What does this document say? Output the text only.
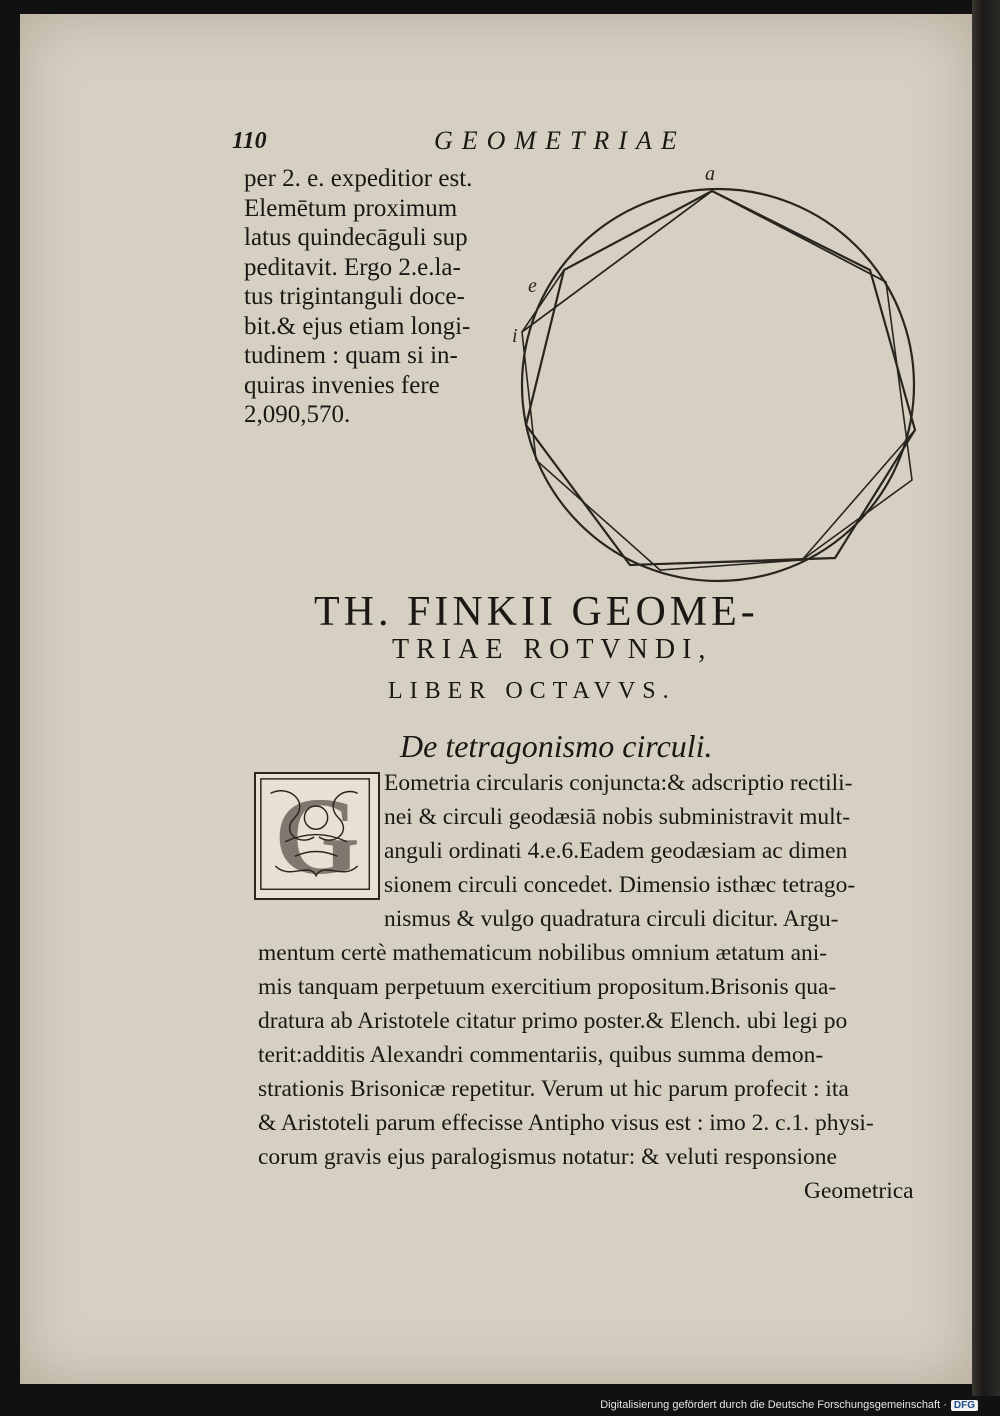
110	GEOMETRIAE
per 2. e. expeditior est.
Elemētum proximum
latus quindecāguli sup
peditavit. Ergo 2.e.la-
tus trigintanguli doce-
bit.& ejus etiam longi-
tudinem : quam si in-
quiras invenies fere
2,090,570.
a
e
i
TH. FINKII GEOME-
TRIAE ROTVNDI,
LIBER OCTAVVS.
De tetragonismo circuli.
G	Eometria circularis conjuncta:& adscriptio rectili-
nei & circuli geodæsiā nobis subministravit mult-
anguli ordinati 4.e.6.Eadem geodæsiam ac dimen
sionem circuli concedet. Dimensio isthæc tetrago-
nismus & vulgo quadratura circuli dicitur. Argu-
mentum certè mathematicum nobilibus omnium ætatum ani-
mis tanquam perpetuum exercitium propositum.Brisonis qua-
dratura ab Aristotele citatur primo poster.& Elench. ubi legi po
terit:additis Alexandri commentariis, quibus summa demon-
strationis Brisonicæ repetitur. Verum ut hic parum profecit : ita
& Aristoteli parum effecisse Antipho visus est : imo 2. c.1. physi-
corum gravis ejus paralogismus notatur: & veluti responsione
Geometrica
Digitalisierung gefördert durch die Deutsche Forschungsgemeinschaft · DFG
